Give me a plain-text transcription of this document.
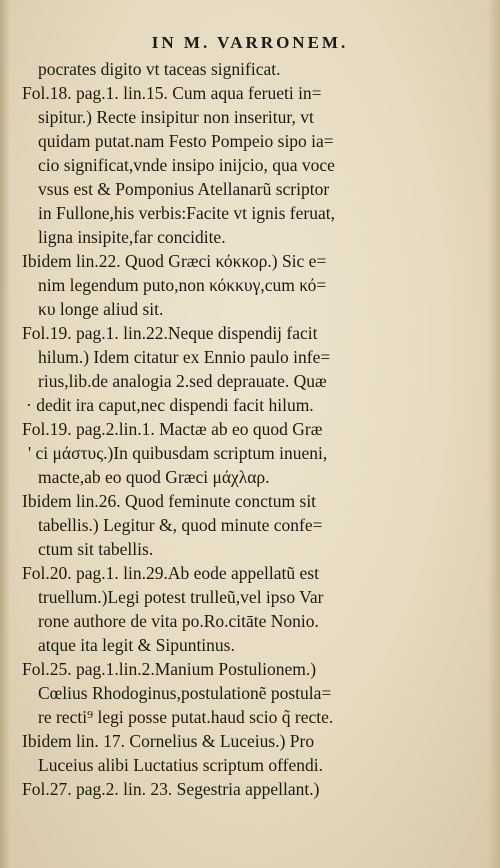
IN M. VARRONEM.
pocrates digito vt taceas significat.
Fol.18. pag.1. lin.15. Cum aqua ferueti in=
sipitur.) Recte insipitur non inseritur, vt
quidam putat.nam Festo Pompeio sipo ia=
cio significat,vnde insipo inijcio, qua voce
vsus est & Pomponius Atellanarũ scriptor
in Fullone,his verbis:Facite vt ignis feruat,
ligna insipite,far concidite.
Ibidem lin.22. Quod Græci κόκκορ.) Sic e=
nim legendum puto,non κόκκυγ,cum κό=
κυ longe aliud sit.
Fol.19. pag.1. lin.22.Neque dispendij facit
hilum.) Idem citatur ex Ennio paulo infe=
rius,lib.de analogia 2.sed deprauate. Quæ
· dedit ira caput,nec dispendi facit hilum.
Fol.19. pag.2.lin.1. Mactæ ab eo quod Græ
' ci μάστυς.)In quibusdam scriptum inueni,
macte,ab eo quod Græci μάχλαρ.
Ibidem lin.26. Quod feminute conctum sit
tabellis.) Legitur &, quod minute confe=
ctum sit tabellis.
Fol.20. pag.1. lin.29.Ab eode appellatũ est
truellum.)Legi potest trulleũ,vel ipso Var
rone authore de vita po.Ro.citāte Nonio.
atque ita legit & Sipuntinus.
Fol.25. pag.1.lin.2.Manium Postulionem.)
Cœlius Rhodoginus,postulationẽ postula=
re recti⁹ legi posse putat.haud scio q̃ recte.
Ibidem lin. 17. Cornelius & Luceius.) Pro
Luceius alibi Luctatius scriptum offendi.
Fol.27. pag.2. lin. 23. Segestria appellant.)
